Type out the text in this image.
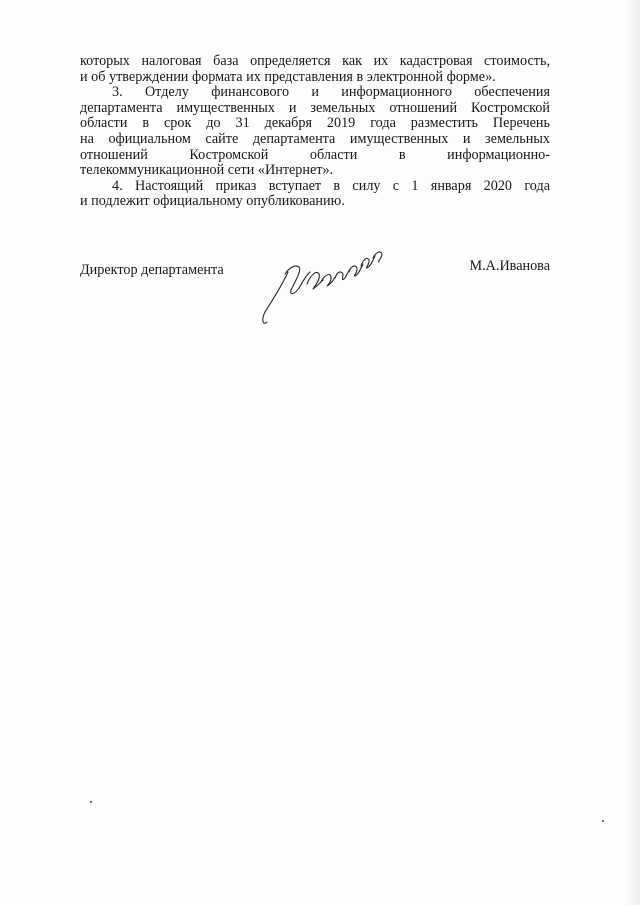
которых налоговая база определяется как их кадастровая стоимость,
и об утверждении формата их представления в электронной форме».
3. Отделу финансового и информационного обеспечения
департамента имущественных и земельных отношений Костромской
области в срок до 31 декабря 2019 года разместить Перечень
на официальном сайте департамента имущественных и земельных
отношений Костромской области в информационно-
телекоммуникационной сети «Интернет».
4. Настоящий приказ вступает в силу с 1 января 2020 года
и подлежит официальному опубликованию.
Директор департамента	М.А.Иванова
